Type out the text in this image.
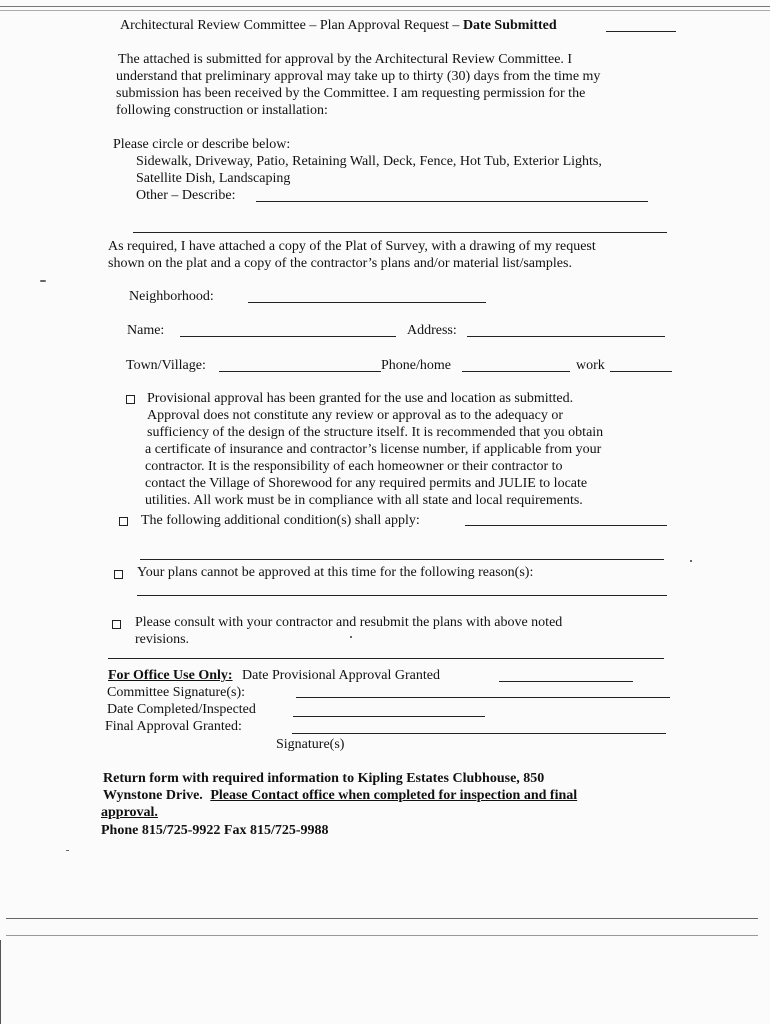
Architectural Review Committee – Plan Approval Request – Date Submitted
The attached is submitted for approval by the Architectural Review Committee. I
understand that preliminary approval may take up to thirty (30) days from the time my
submission has been received by the Committee. I am requesting permission for the
following construction or installation:
Please circle or describe below:
Sidewalk, Driveway, Patio, Retaining Wall, Deck, Fence, Hot Tub, Exterior Lights,
Satellite Dish, Landscaping
Other – Describe:
As required, I have attached a copy of the Plat of Survey, with a drawing of my request
shown on the plat and a copy of the contractor’s plans and/or material list/samples.
Neighborhood:
Name:	Address:
Town/Village:	Phone/home	work
Provisional approval has been granted for the use and location as submitted.
Approval does not constitute any review or approval as to the adequacy or
sufficiency of the design of the structure itself. It is recommended that you obtain
a certificate of insurance and contractor’s license number, if applicable from your
contractor. It is the responsibility of each homeowner or their contractor to
contact the Village of Shorewood for any required permits and JULIE to locate
utilities. All work must be in compliance with all state and local requirements.
The following additional condition(s) shall apply:
Your plans cannot be approved at this time for the following reason(s):
Please consult with your contractor and resubmit the plans with above noted
revisions.
For Office Use Only: Date Provisional Approval Granted
Committee Signature(s):
Date Completed/Inspected
Final Approval Granted:
Signature(s)
Return form with required information to Kipling Estates Clubhouse, 850
Wynstone Drive. Please Contact office when completed for inspection and final
approval.
Phone 815/725-9922 Fax 815/725-9988
